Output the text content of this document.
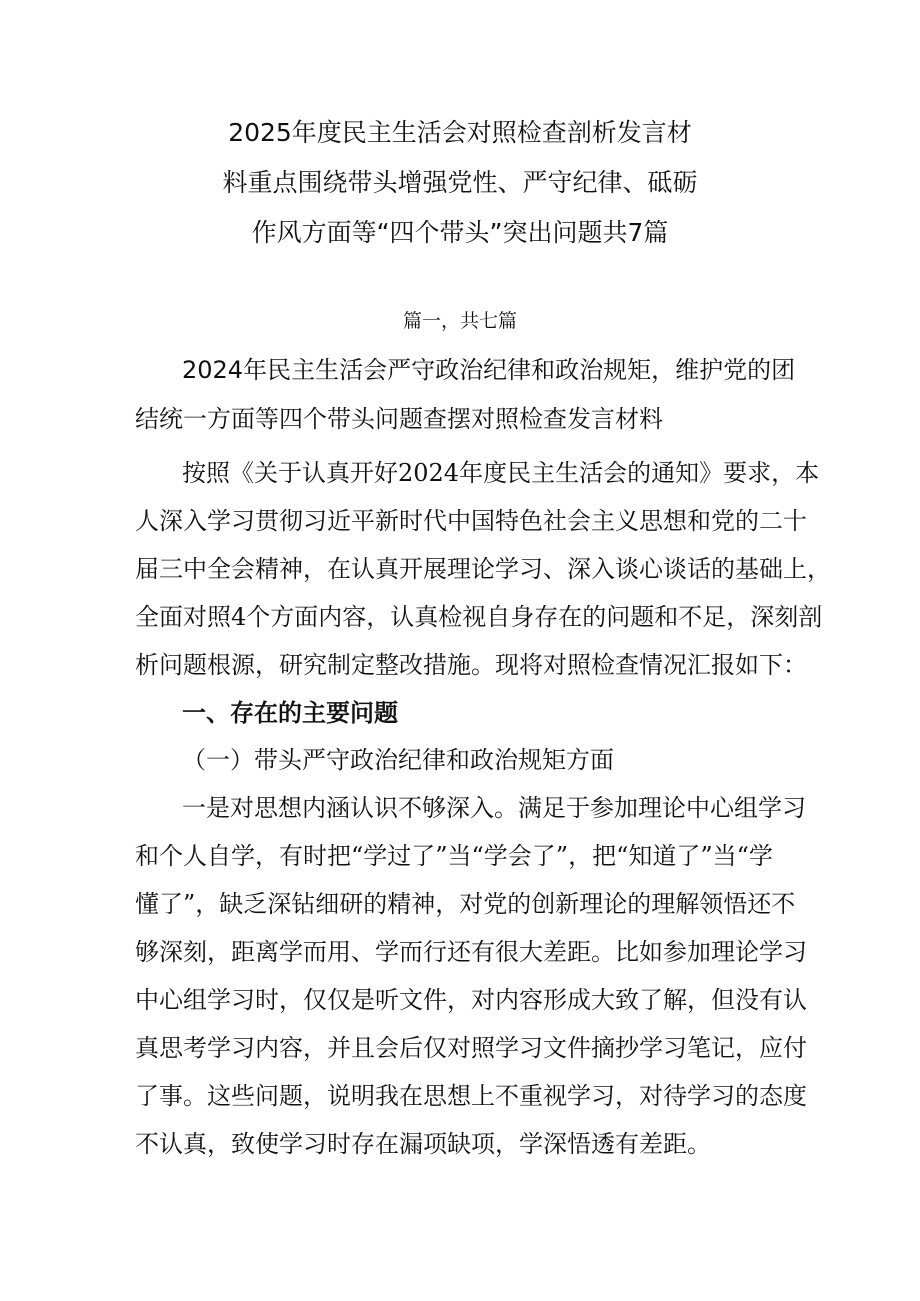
2025年度民主生活会对照检查剖析发言材
料重点围绕带头增强党性、严守纪律、砥砺
作风方面等“四个带头”突出问题共7篇
篇一，共七篇
2024年民主生活会严守政治纪律和政治规矩，维护党的团
结统一方面等四个带头问题查摆对照检查发言材料
按照《关于认真开好2024年度民主生活会的通知》要求，本
人深入学习贯彻习近平新时代中国特色社会主义思想和党的二十
届三中全会精神，在认真开展理论学习、深入谈心谈话的基础上，
全面对照4个方面内容，认真检视自身存在的问题和不足，深刻剖
析问题根源，研究制定整改措施。现将对照检查情况汇报如下：
一、存在的主要问题
（一）带头严守政治纪律和政治规矩方面
一是对思想内涵认识不够深入。满足于参加理论中心组学习
和个人自学，有时把“学过了”当“学会了”，把“知道了”当“学
懂了”，缺乏深钻细研的精神，对党的创新理论的理解领悟还不
够深刻，距离学而用、学而行还有很大差距。比如参加理论学习
中心组学习时，仅仅是听文件，对内容形成大致了解，但没有认
真思考学习内容，并且会后仅对照学习文件摘抄学习笔记，应付
了事。这些问题，说明我在思想上不重视学习，对待学习的态度
不认真，致使学习时存在漏项缺项，学深悟透有差距。
